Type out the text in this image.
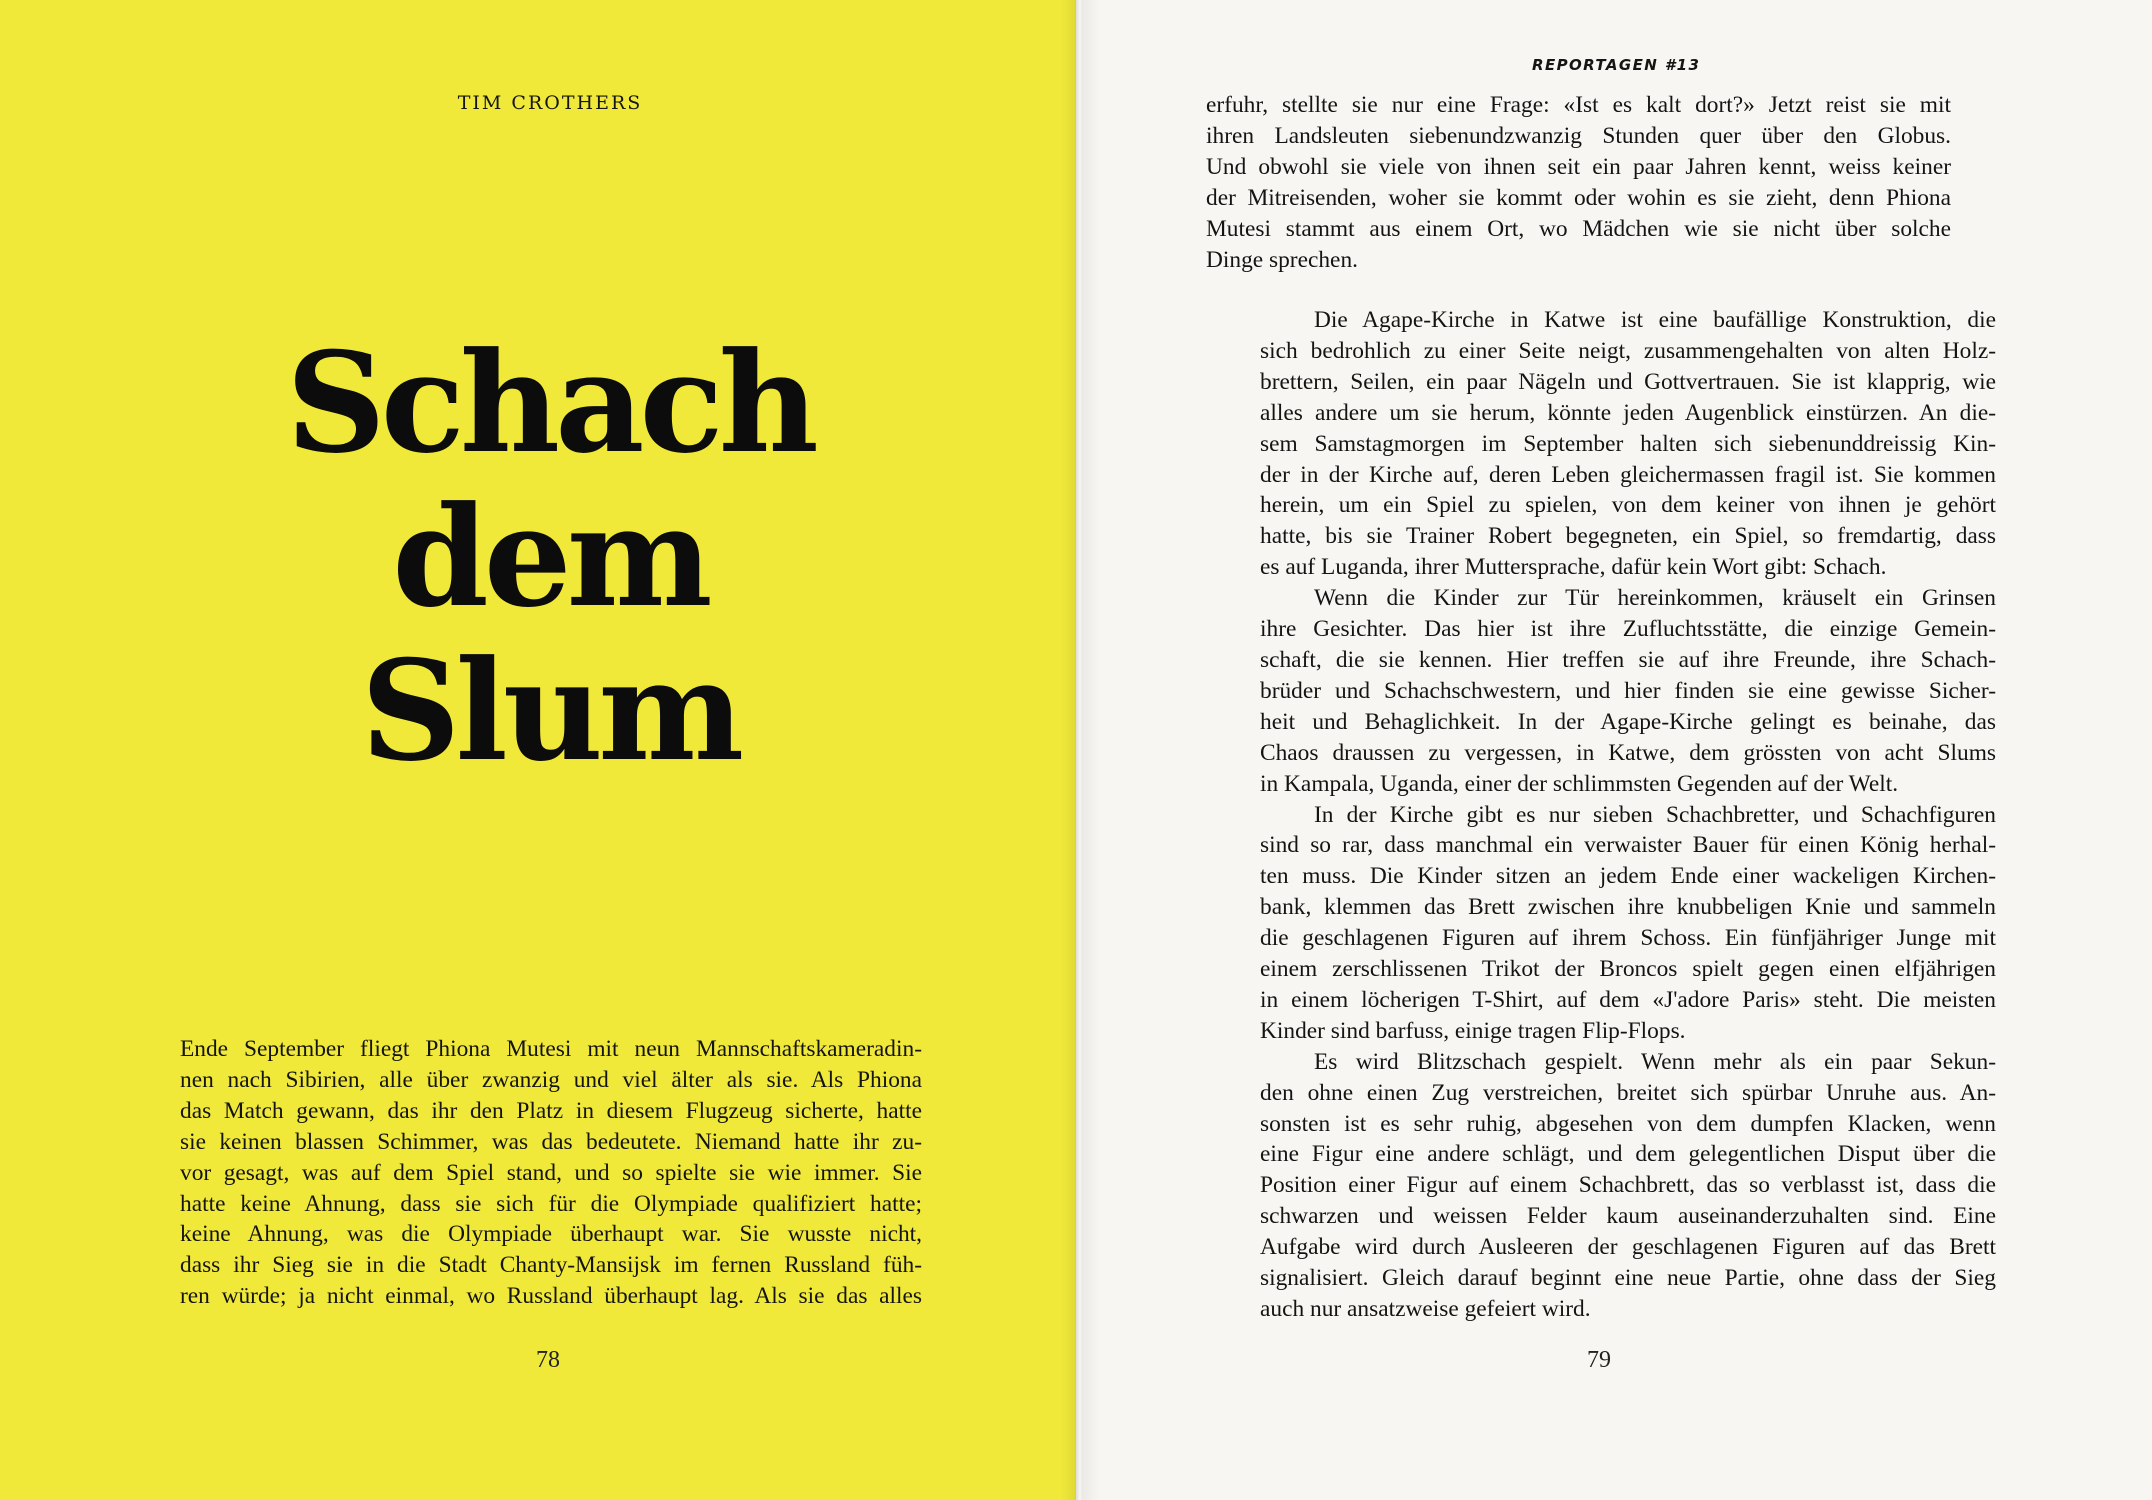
TIM CROTHERS
Schach
dem
Slum
Ende September fliegt Phiona Mutesi mit neun Mannschaftskameradin-
nen nach Sibirien, alle über zwanzig und viel älter als sie. Als Phiona
das Match gewann, das ihr den Platz in diesem Flugzeug sicherte, hatte
sie keinen blassen Schimmer, was das bedeutete. Niemand hatte ihr zu-
vor gesagt, was auf dem Spiel stand, und so spielte sie wie immer. Sie
hatte keine Ahnung, dass sie sich für die Olympiade qualifiziert hatte;
keine Ahnung, was die Olympiade überhaupt war. Sie wusste nicht,
dass ihr Sieg sie in die Stadt Chanty-Mansijsk im fernen Russland füh-
ren würde; ja nicht einmal, wo Russland überhaupt lag. Als sie das alles
78
REPORTAGEN #13
erfuhr, stellte sie nur eine Frage: «Ist es kalt dort?» Jetzt reist sie mit
ihren Landsleuten siebenundzwanzig Stunden quer über den Globus.
Und obwohl sie viele von ihnen seit ein paar Jahren kennt, weiss keiner
der Mitreisenden, woher sie kommt oder wohin es sie zieht, denn Phiona
Mutesi stammt aus einem Ort, wo Mädchen wie sie nicht über solche
Dinge sprechen.
Die Agape-Kirche in Katwe ist eine baufällige Konstruktion, die
sich bedrohlich zu einer Seite neigt, zusammengehalten von alten Holz-
brettern, Seilen, ein paar Nägeln und Gottvertrauen. Sie ist klapprig, wie
alles andere um sie herum, könnte jeden Augenblick einstürzen. An die-
sem Samstagmorgen im September halten sich siebenunddreissig Kin-
der in der Kirche auf, deren Leben gleichermassen fragil ist. Sie kommen
herein, um ein Spiel zu spielen, von dem keiner von ihnen je gehört
hatte, bis sie Trainer Robert begegneten, ein Spiel, so fremdartig, dass
es auf Luganda, ihrer Muttersprache, dafür kein Wort gibt: Schach.
Wenn die Kinder zur Tür hereinkommen, kräuselt ein Grinsen
ihre Gesichter. Das hier ist ihre Zufluchtsstätte, die einzige Gemein-
schaft, die sie kennen. Hier treffen sie auf ihre Freunde, ihre Schach-
brüder und Schachschwestern, und hier finden sie eine gewisse Sicher-
heit und Behaglichkeit. In der Agape-Kirche gelingt es beinahe, das
Chaos draussen zu vergessen, in Katwe, dem grössten von acht Slums
in Kampala, Uganda, einer der schlimmsten Gegenden auf der Welt.
In der Kirche gibt es nur sieben Schachbretter, und Schachfiguren
sind so rar, dass manchmal ein verwaister Bauer für einen König herhal-
ten muss. Die Kinder sitzen an jedem Ende einer wackeligen Kirchen-
bank, klemmen das Brett zwischen ihre knubbeligen Knie und sammeln
die geschlagenen Figuren auf ihrem Schoss. Ein fünfjähriger Junge mit
einem zerschlissenen Trikot der Broncos spielt gegen einen elfjährigen
in einem löcherigen T-Shirt, auf dem «J'adore Paris» steht. Die meisten
Kinder sind barfuss, einige tragen Flip-Flops.
Es wird Blitzschach gespielt. Wenn mehr als ein paar Sekun-
den ohne einen Zug verstreichen, breitet sich spürbar Unruhe aus. An-
sonsten ist es sehr ruhig, abgesehen von dem dumpfen Klacken, wenn
eine Figur eine andere schlägt, und dem gelegentlichen Disput über die
Position einer Figur auf einem Schachbrett, das so verblasst ist, dass die
schwarzen und weissen Felder kaum auseinanderzuhalten sind. Eine
Aufgabe wird durch Ausleeren der geschlagenen Figuren auf das Brett
signalisiert. Gleich darauf beginnt eine neue Partie, ohne dass der Sieg
auch nur ansatzweise gefeiert wird.
79
